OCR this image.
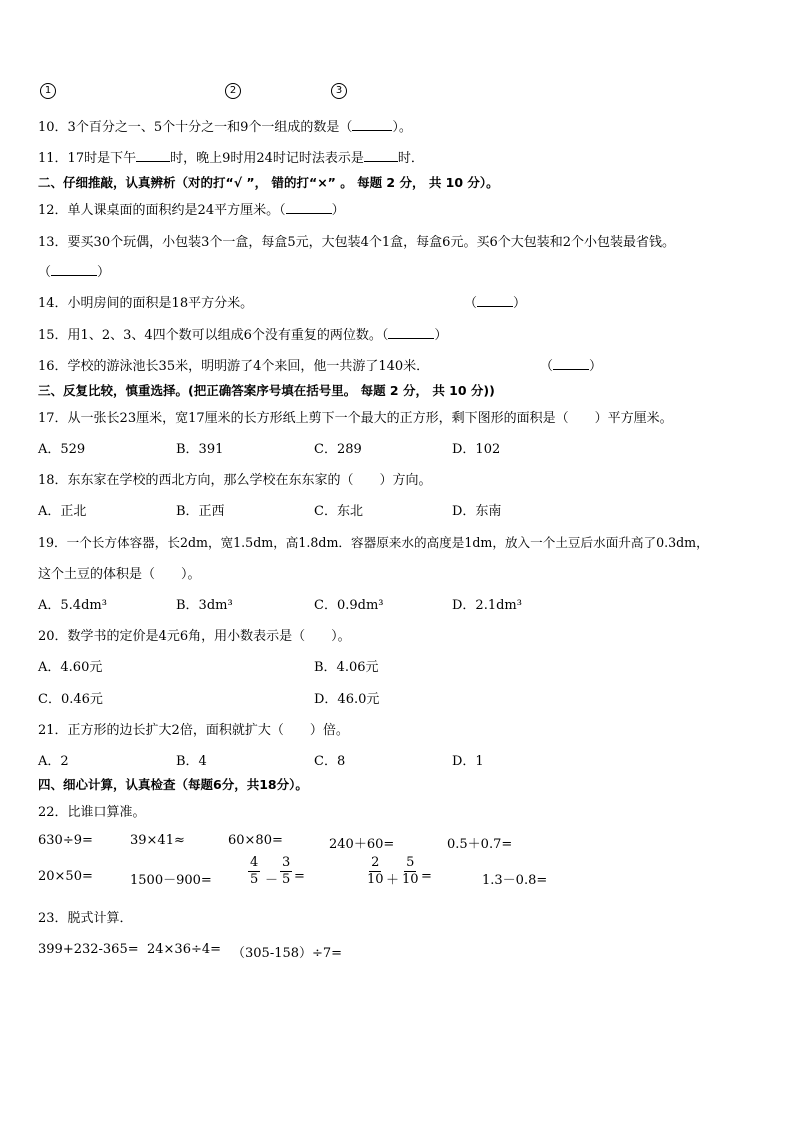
1	2	3
10．3个百分之一、5个十分之一和9个一组成的数是（	）。
11．17时是下午	时，晚上9时用24时记时法表示是	时．
二、仔细推敲，认真辨析（对的打“√ ”， 错的打“×” 。 每题 2 分， 共 10 分）。
12．单人课桌面的面积约是24平方厘米。（	）
13．要买30个玩偶，小包装3个一盒，每盒5元，大包装4个1盒，每盒6元。买6个大包装和2个小包装最省钱。
（	）
14．小明房间的面积是18平方分米。	（	）
15．用1、2、3、4四个数可以组成6个没有重复的两位数。（	）
16．学校的游泳池长35米，明明游了4个来回，他一共游了140米．	（	）
三、反复比较，慎重选择。(把正确答案序号填在括号里。 每题 2 分， 共 10 分))
17．从一张长23厘米，宽17厘米的长方形纸上剪下一个最大的正方形，剩下图形的面积是（　　）平方厘米。
A．529	B．391	C．289	D．102
18．东东家在学校的西北方向，那么学校在东东家的（　　）方向。
A．正北	B．正西	C．东北	D．东南
19．一个长方体容器，长2dm，宽1.5dm，高1.8dm．容器原来水的高度是1dm，放入一个土豆后水面升高了0.3dm，
这个土豆的体积是（　　）。
A．5.4dm³	B．3dm³	C．0.9dm³	D．2.1dm³
20．数学书的定价是4元6角，用小数表示是（　　）。
A．4.60元	B．4.06元
C．0.46元	D．46.0元
21．正方形的边长扩大2倍，面积就扩大（　　）倍。
A．2	B．4	C．8	D．1
四、细心计算，认真检查（每题6分，共18分）。
22．比谁口算准。
630÷9=	39×41≈	60×80=	240＋60=	0.5＋0.7=
20×50=	1500－900=	$\frac{4}{5} - \frac{3}{5}$ =	$\frac{2}{10} + \frac{5}{10}$ =	1.3－0.8=
23．脱式计算．
399+232-365= 24×36÷4= （305-158）÷7=
